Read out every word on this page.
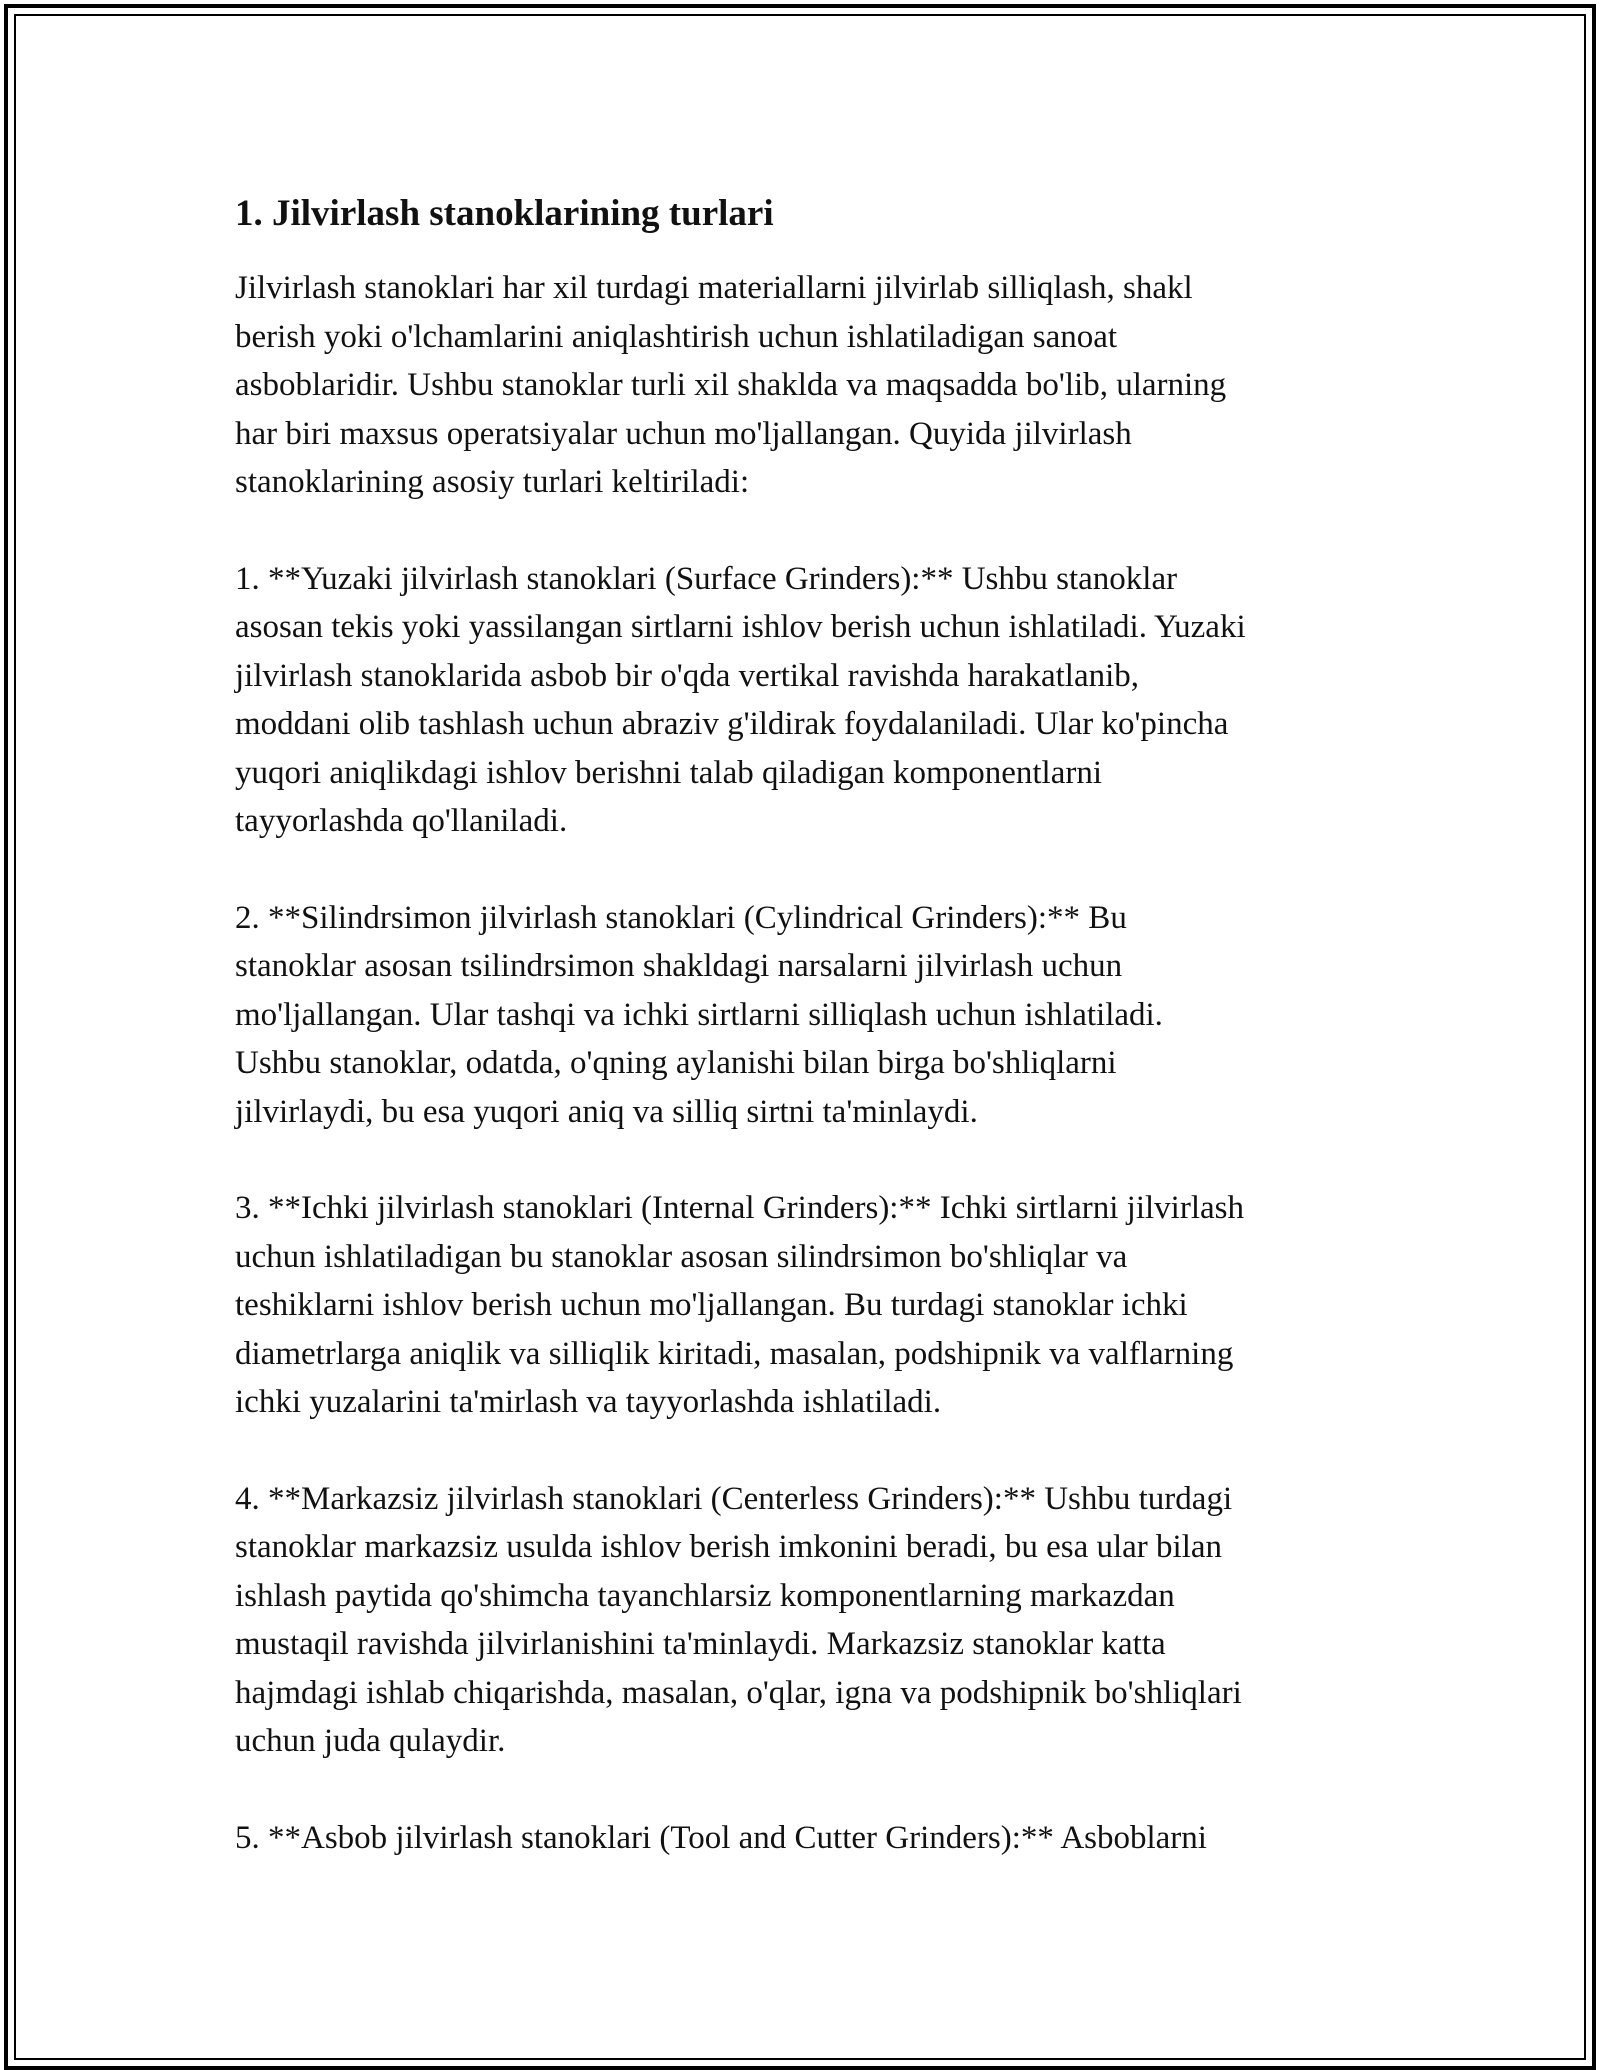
1. Jilvirlash stanoklarining turlari

Jilvirlash stanoklari har xil turdagi materiallarni jilvirlab silliqlash, shakl
berish yoki o'lchamlarini aniqlashtirish uchun ishlatiladigan sanoat
asboblaridir. Ushbu stanoklar turli xil shaklda va maqsadda bo'lib, ularning
har biri maxsus operatsiyalar uchun mo'ljallangan. Quyida jilvirlash
stanoklarining asosiy turlari keltiriladi:

1. **Yuzaki jilvirlash stanoklari (Surface Grinders):** Ushbu stanoklar
asosan tekis yoki yassilangan sirtlarni ishlov berish uchun ishlatiladi. Yuzaki
jilvirlash stanoklarida asbob bir o'qda vertikal ravishda harakatlanib,
moddani olib tashlash uchun abraziv g'ildirak foydalaniladi. Ular ko'pincha
yuqori aniqlikdagi ishlov berishni talab qiladigan komponentlarni
tayyorlashda qo'llaniladi.

2. **Silindrsimon jilvirlash stanoklari (Cylindrical Grinders):** Bu
stanoklar asosan tsilindrsimon shakldagi narsalarni jilvirlash uchun
mo'ljallangan. Ular tashqi va ichki sirtlarni silliqlash uchun ishlatiladi.
Ushbu stanoklar, odatda, o'qning aylanishi bilan birga bo'shliqlarni
jilvirlaydi, bu esa yuqori aniq va silliq sirtni ta'minlaydi.

3. **Ichki jilvirlash stanoklari (Internal Grinders):** Ichki sirtlarni jilvirlash
uchun ishlatiladigan bu stanoklar asosan silindrsimon bo'shliqlar va
teshiklarni ishlov berish uchun mo'ljallangan. Bu turdagi stanoklar ichki
diametrlarga aniqlik va silliqlik kiritadi, masalan, podshipnik va valflarning
ichki yuzalarini ta'mirlash va tayyorlashda ishlatiladi.

4. **Markazsiz jilvirlash stanoklari (Centerless Grinders):** Ushbu turdagi
stanoklar markazsiz usulda ishlov berish imkonini beradi, bu esa ular bilan
ishlash paytida qo'shimcha tayanchlarsiz komponentlarning markazdan
mustaqil ravishda jilvirlanishini ta'minlaydi. Markazsiz stanoklar katta
hajmdagi ishlab chiqarishda, masalan, o'qlar, igna va podshipnik bo'shliqlari
uchun juda qulaydir.

5. **Asbob jilvirlash stanoklari (Tool and Cutter Grinders):** Asboblarni
